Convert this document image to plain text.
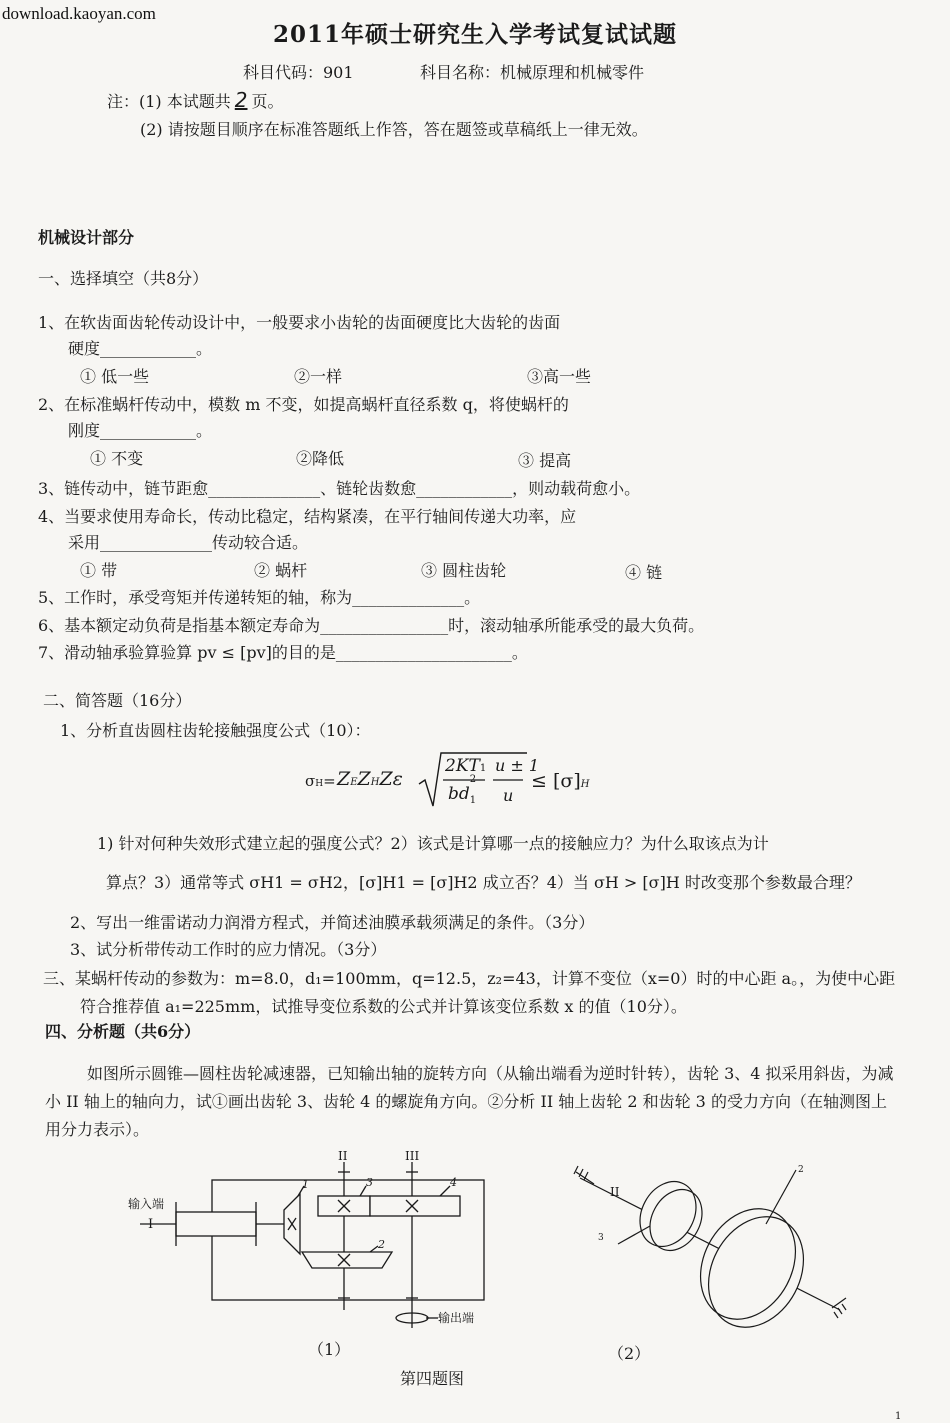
download.kaoyan.com
2011年硕士研究生入学考试复试试题
科目代码：901	科目名称：机械原理和机械零件
注：(1) 本试题共 2 页。
(2) 请按题目顺序在标准答题纸上作答，答在题签或草稿纸上一律无效。
机械设计部分
一、选择填空（共8分）
1、在软齿面齿轮传动设计中，一般要求小齿轮的齿面硬度比大齿轮的齿面
硬度____________。
① 低一些	②一样	③高一些
2、在标准蜗杆传动中，模数 m 不变，如提高蜗杆直径系数 q，将使蜗杆的
刚度____________。
① 不变	②降低	③ 提高
3、链传动中，链节距愈______________、链轮齿数愈____________，则动载荷愈小。
4、当要求使用寿命长，传动比稳定，结构紧凑，在平行轴间传递大功率，应
采用______________传动较合适。
① 带	② 蜗杆	③ 圆柱齿轮	④ 链
5、工作时，承受弯矩并传递转矩的轴，称为______________。
6、基本额定动负荷是指基本额定寿命为________________时，滚动轴承所能承受的最大负荷。
7、滑动轴承验算验算 pv ≤ [pv]的目的是______________________。
二、简答题（16分）
1、分析直齿圆柱齿轮接触强度公式（10）：
σH= ZEZHZε
2KT1
bd
2
$_1$
u ± 1
u
≤ [σ]H
1) 针对何种失效形式建立起的强度公式？2）该式是计算哪一点的接触应力？为什么取该点为计
算点？3）通常等式 σH1 = σH2，[σ]H1 = [σ]H2 成立否？4）当 σH > [σ]H 时改变那个参数最合理？
2、写出一维雷诺动力润滑方程式，并简述油膜承载须满足的条件。（3分）
3、试分析带传动工作时的应力情况。（3分）
三、某蜗杆传动的参数为：m=8.0，d₁=100mm，q=12.5，z₂=43，计算不变位（x=0）时的中心距 a。，为使中心距
符合推荐值 a₁=225mm，试推导变位系数的公式并计算该变位系数 x 的值（10分）。
四、分析题（共6分）
如图所示圆锥—圆柱齿轮减速器，已知输出轴的旋转方向（从输出端看为逆时针转），齿轮 3、4 拟采用斜齿，为减小 II 轴上的轴向力，试①画出齿轮 3、齿轮 4 的螺旋角方向。②分析 II 轴上齿轮 2 和齿轮 3 的受力方向（在轴测图上用分力表示）。
输入端
I
II	III
1
2
3	4
输出端
（1）
II
2
3
（2）
第四题图
1
